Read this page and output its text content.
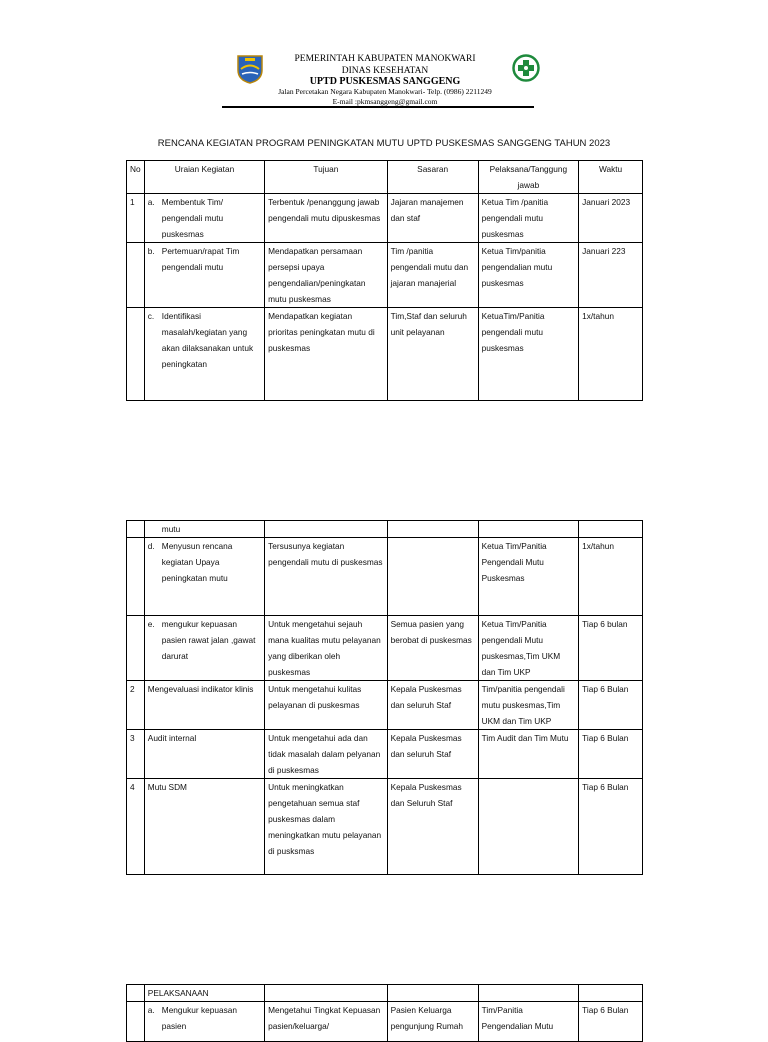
PEMERINTAH KABUPATEN MANOKWARI
DINAS KESEHATAN
UPTD PUSKESMAS SANGGENG
Jalan Percetakan Negara Kabupaten Manokwari- Telp. (0986) 2211249
E-mail :pkmsanggeng@gmail.com
RENCANA KEGIATAN PROGRAM PENINGKATAN MUTU UPTD PUSKESMAS SANGGENG TAHUN 2023
No	Uraian Kegiatan	Tujuan	Sasaran	Pelaksana/Tanggung jawab	Waktu
1	a. Membentuk Tim/ pengendali mutu puskesmas	Terbentuk /penanggung jawab pengendali mutu dipuskesmas	Jajaran manajemen dan staf	Ketua Tim /panitia pengendali mutu puskesmas	Januari 2023

	b. Pertemuan/rapat Tim pengendali mutu	Mendapatkan persamaan persepsi upaya pengendalian/peningkatan mutu puskesmas	Tim /panitia pengendali mutu dan jajaran manajerial	Ketua Tim/panitia pengendalian mutu puskesmas	Januari 223

	c. Identifikasi masalah/kegiatan yang akan dilaksanakan untuk peningkatan	Mendapatkan kegiatan prioritas peningkatan mutu di puskesmas	Tim,Staf dan seluruh unit pelayanan	KetuaTim/Panitia pengendali mutu puskesmas	1x/tahun

	mutu				

	d. Menyusun rencana kegiatan Upaya peningkatan mutu	Tersusunya kegiatan pengendali mutu di puskesmas		Ketua Tim/Panitia Pengendali Mutu Puskesmas	1x/tahun

	e. mengukur kepuasan pasien rawat jalan ,gawat darurat	Untuk mengetahui sejauh mana kualitas mutu pelayanan yang diberikan oleh puskesmas	Semua pasien yang berobat di puskesmas	Ketua Tim/Panitia pengendali Mutu puskesmas,Tim UKM dan Tim UKP	Tiap 6 bulan
2	Mengevaluasi indikator klinis	Untuk mengetahui kulitas pelayanan di puskesmas	Kepala Puskesmas dan seluruh Staf	Tim/panitia pengendali mutu puskesmas,Tim UKM dan Tim UKP	Tiap 6 Bulan
3	Audit internal	Untuk mengetahui ada dan tidak masalah dalam pelyanan di puskesmas	Kepala Puskesmas dan seluruh Staf	Tim Audit dan Tim Mutu	Tiap 6 Bulan
4	Mutu SDM	Untuk meningkatkan pengetahuan semua staf puskesmas dalam meningkatkan mutu pelayanan di pusksmas	Kepala Puskesmas dan Seluruh Staf		Tiap 6 Bulan
	PELAKSANAAN				

	a. Mengukur kepuasan pasien	Mengetahui Tingkat Kepuasan pasien/keluarga/	Pasien Keluarga pengunjung Rumah	Tim/Panitia Pengendalian Mutu	Tiap 6 Bulan
